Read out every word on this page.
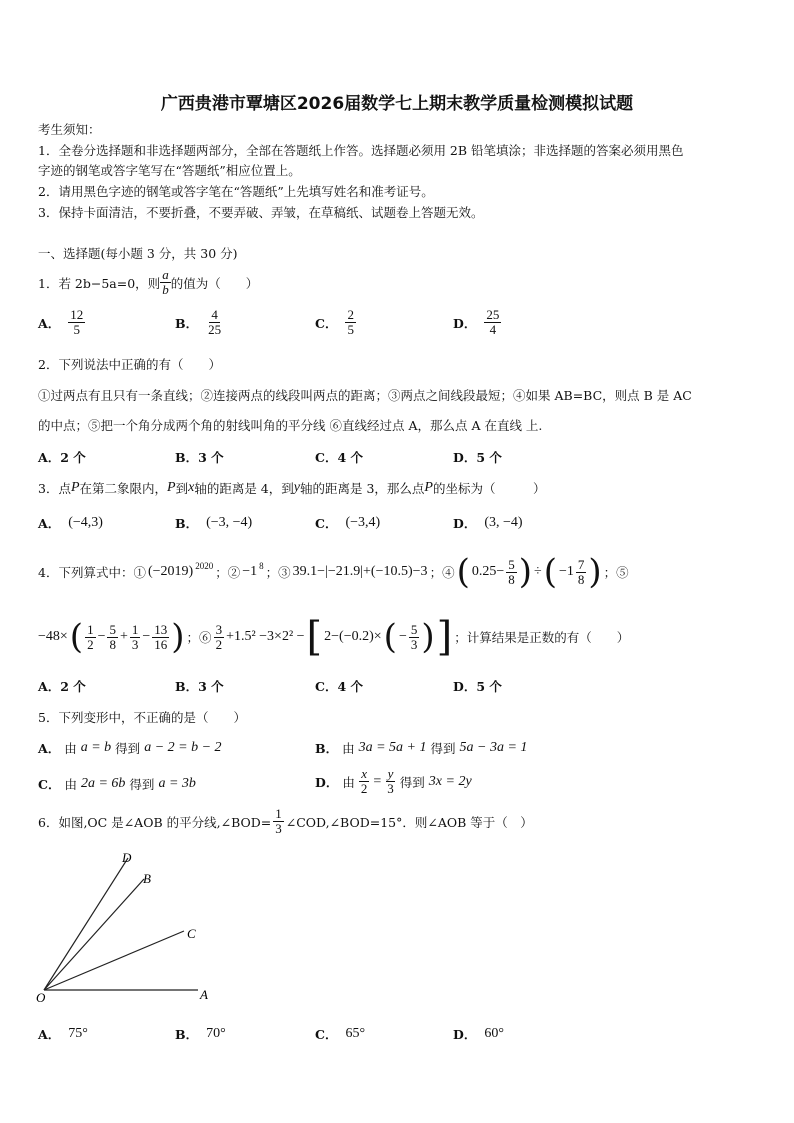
广西贵港市覃塘区2026届数学七上期末教学质量检测模拟试题
考生须知：
1．全卷分选择题和非选择题两部分，全部在答题纸上作答。选择题必须用 2B 铅笔填涂；非选择题的答案必须用黑色
字迹的钢笔或答字笔写在“答题纸”相应位置上。
2．请用黑色字迹的钢笔或答字笔在“答题纸”上先填写姓名和准考证号。
3．保持卡面清洁，不要折叠，不要弄破、弄皱，在草稿纸、试题卷上答题无效。
一、选择题(每小题 3 分，共 30 分)
1．若 2b−5a=0，则 $\frac{a}{b}$ 的值为（　　）
A． $\frac{12}{5}$	B． $\frac{4}{25}$	C． $\frac{2}{5}$	D． $\frac{25}{4}$
2．下列说法中正确的有（　　）
①过两点有且只有一条直线；②连接两点的线段叫两点的距离；③两点之间线段最短；④如果 AB=BC，则点 B 是 AC
的中点；⑤把一个角分成两个角的射线叫角的平分线 ⑥直线经过点 A，那么点 A 在直线 上.
A．2 个	B．3 个	C．4 个	D．5 个
3．点 P 在第二象限内， P 到 x 轴的距离是 4，到 y 轴的距离是 3，那么点 P 的坐标为（　　　）
A． (−4,3)	B． (−3, −4)	C． (−3,4)	D． (3, −4)
4．下列算式中：① $(-2019)^{2020}$ ；② $-1^8$ ；③ 39.1−|−21.9|+(−10.5)−3 ；④ ( $0.25- \frac{5}{8}$ ) ÷ ( $-1 \frac{7}{8}$ ) ；⑤
−48× ( $\frac{1}{2} - \frac{5}{8} + \frac{1}{3} - \frac{13}{16}$ ) ；⑥ $\frac{3}{2} +1.5^2 -3\times 2^2$ − [ 2−(−0.2)× ( − $\frac{5}{3}$ ) ] ；计算结果是正数的有（　　）
A．2 个	B．3 个	C．4 个	D．5 个
5．下列变形中，不正确的是（　　）
A． 由 a = b 得到 a − 2 = b − 2	B． 由 3a = 5a + 1 得到 5a − 3a = 1
C． 由 2a = 6b 得到 a = 3b	D． 由 $\frac{x}{2} = \frac{y}{3}$ 得到 3x = 2y
6．如图,OC 是∠AOB 的平分线,∠BOD= $\frac{1}{3}$ ∠COD,∠BOD=15°．则∠AOB 等于（　）
D
B
C
O	A
A． 75°	B． 70°	C． 65°	D． 60°
